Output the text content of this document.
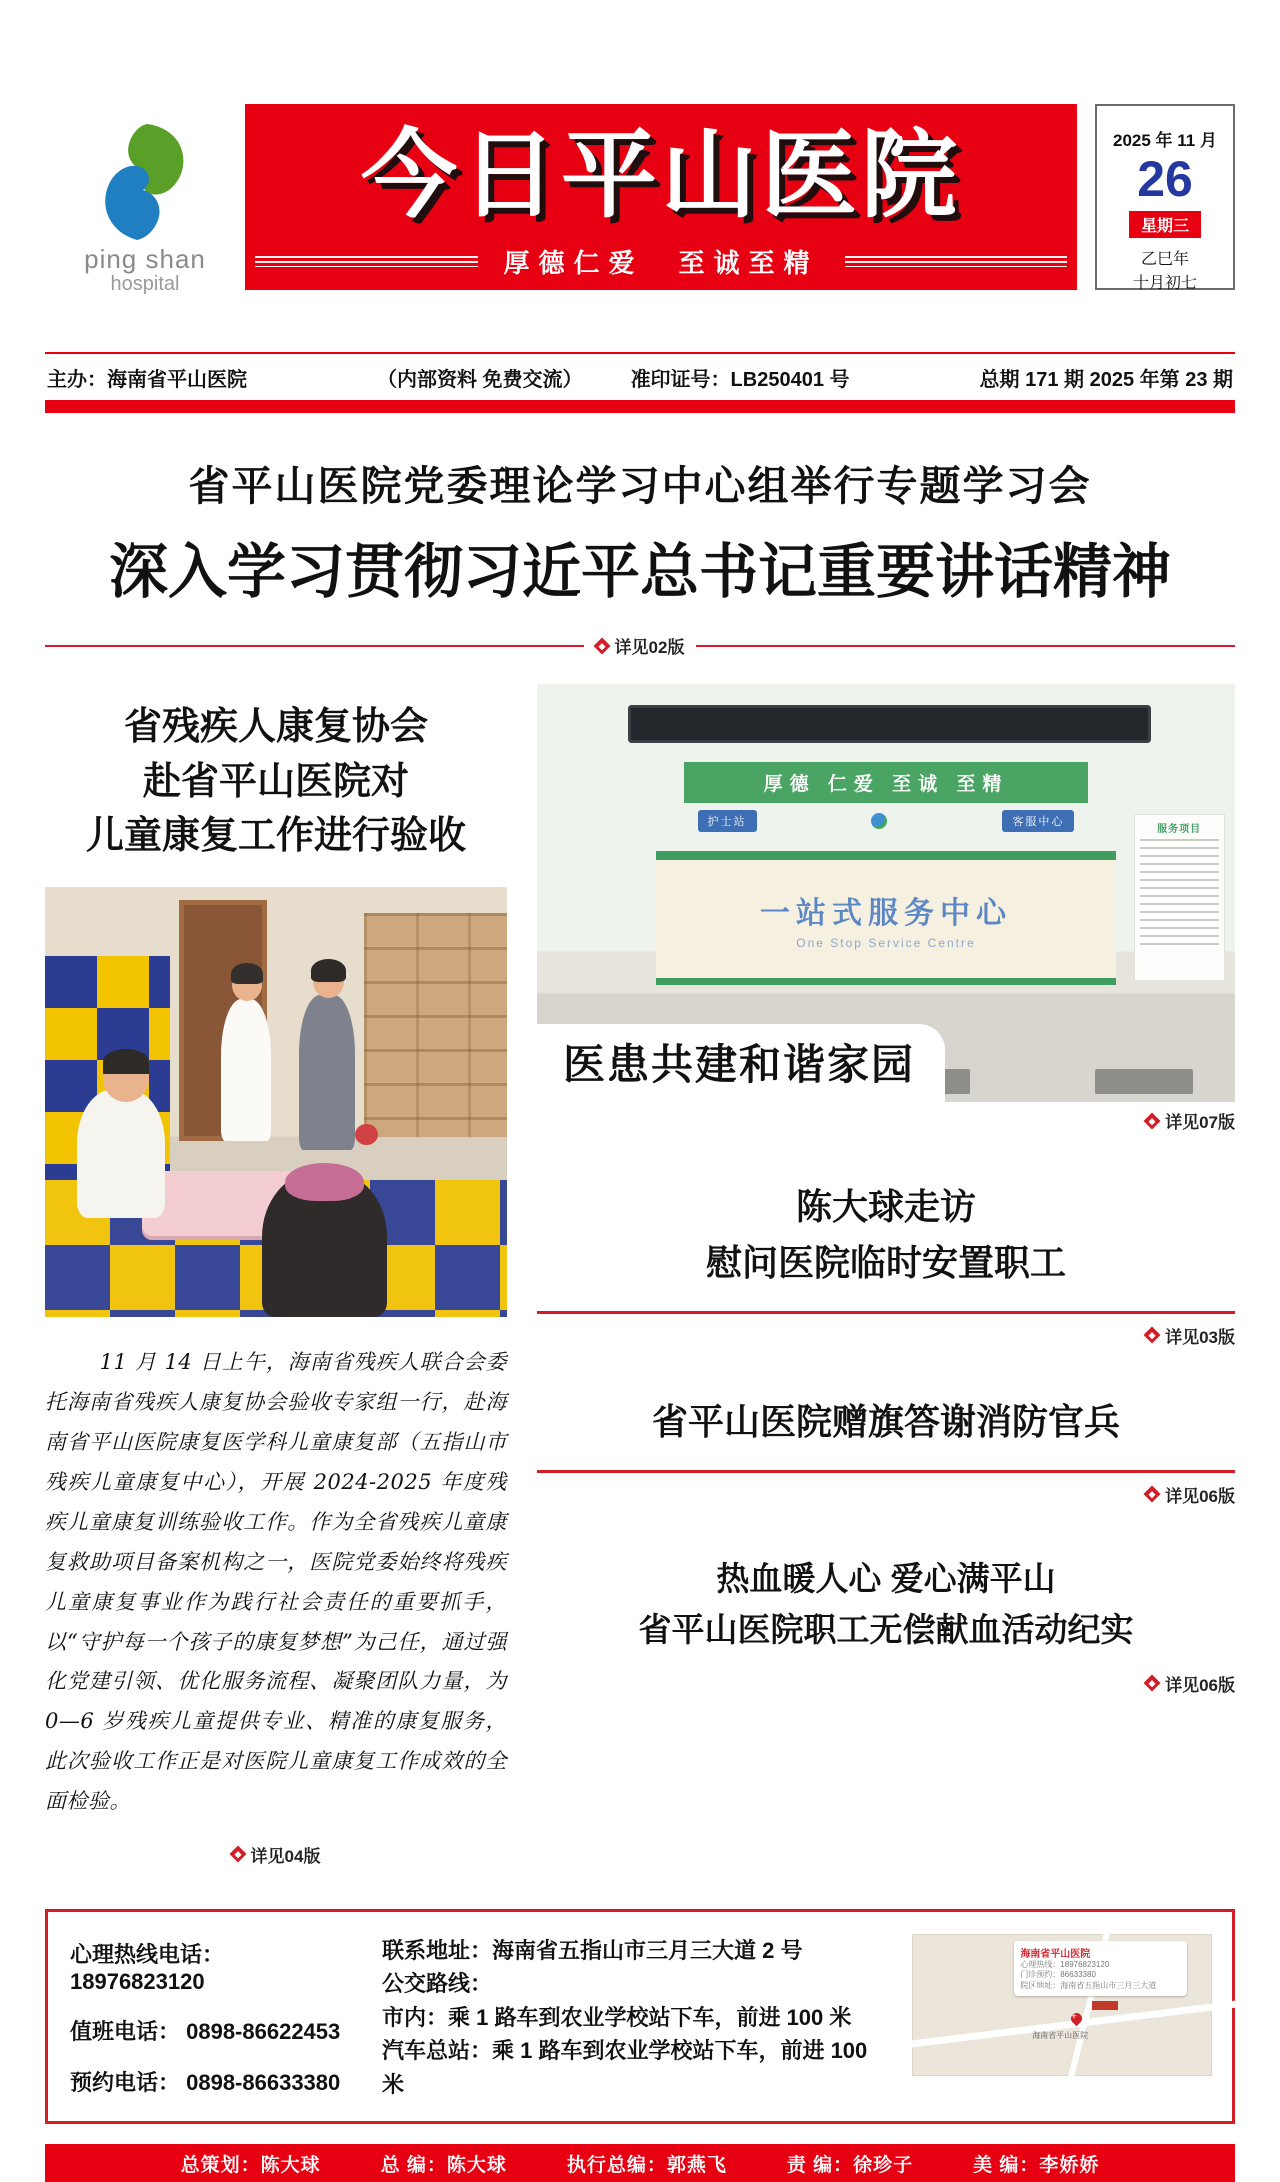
ping shan
hospital
今日平山医院
厚德仁爱　至诚至精
2025 年 11 月
26
星期三
乙巳年
十月初七
主办：海南省平山医院	（内部资料 免费交流） 准印证号：LB250401 号	总期 171 期 2025 年第 23 期
省平山医院党委理论学习中心组举行专题学习会
深入学习贯彻习近平总书记重要讲话精神
详见02版
省残疾人康复协会
赴省平山医院对
儿童康复工作进行验收
11 月 14 日上午，海南省残疾人联合会委托海南省残疾人康复协会验收专家组一行，赴海南省平山医院康复医学科儿童康复部（五指山市残疾儿童康复中心），开展 2024-2025 年度残疾儿童康复训练验收工作。作为全省残疾儿童康复救助项目备案机构之一，医院党委始终将残疾儿童康复事业作为践行社会责任的重要抓手，以“守护每一个孩子的康复梦想”为己任，通过强化党建引领、优化服务流程、凝聚团队力量，为 0—6 岁残疾儿童提供专业、精准的康复服务，此次验收工作正是对医院儿童康复工作成效的全面检验。
详见04版
厚德 仁爱 至诚 至精
护士站	客服中心
一站式服务中心
One Stop Service Centre
服务项目
医患共建和谐家园
详见07版
陈大球走访
慰问医院临时安置职工
详见03版
省平山医院赠旗答谢消防官兵
详见06版
热血暖人心 爱心满平山
省平山医院职工无偿献血活动纪实
详见06版
心理热线电话：18976823120
值班电话： 0898-86622453
预约电话： 0898-86633380
联系地址：海南省五指山市三月三大道 2 号
公交路线：
市内：乘 1 路车到农业学校站下车，前进 100 米
汽车总站：乘 1 路车到农业学校站下车，前进 100 米
海南省平山医院
心理热线：18976823120
门诊预约：86633380
院区地址：海南省五指山市三月三大道
+
海南省平山医院
总策划：陈大球　　　总 编：陈大球　　　执行总编：郭燕飞　　　责 编：徐珍子　　　美 编：李娇娇
